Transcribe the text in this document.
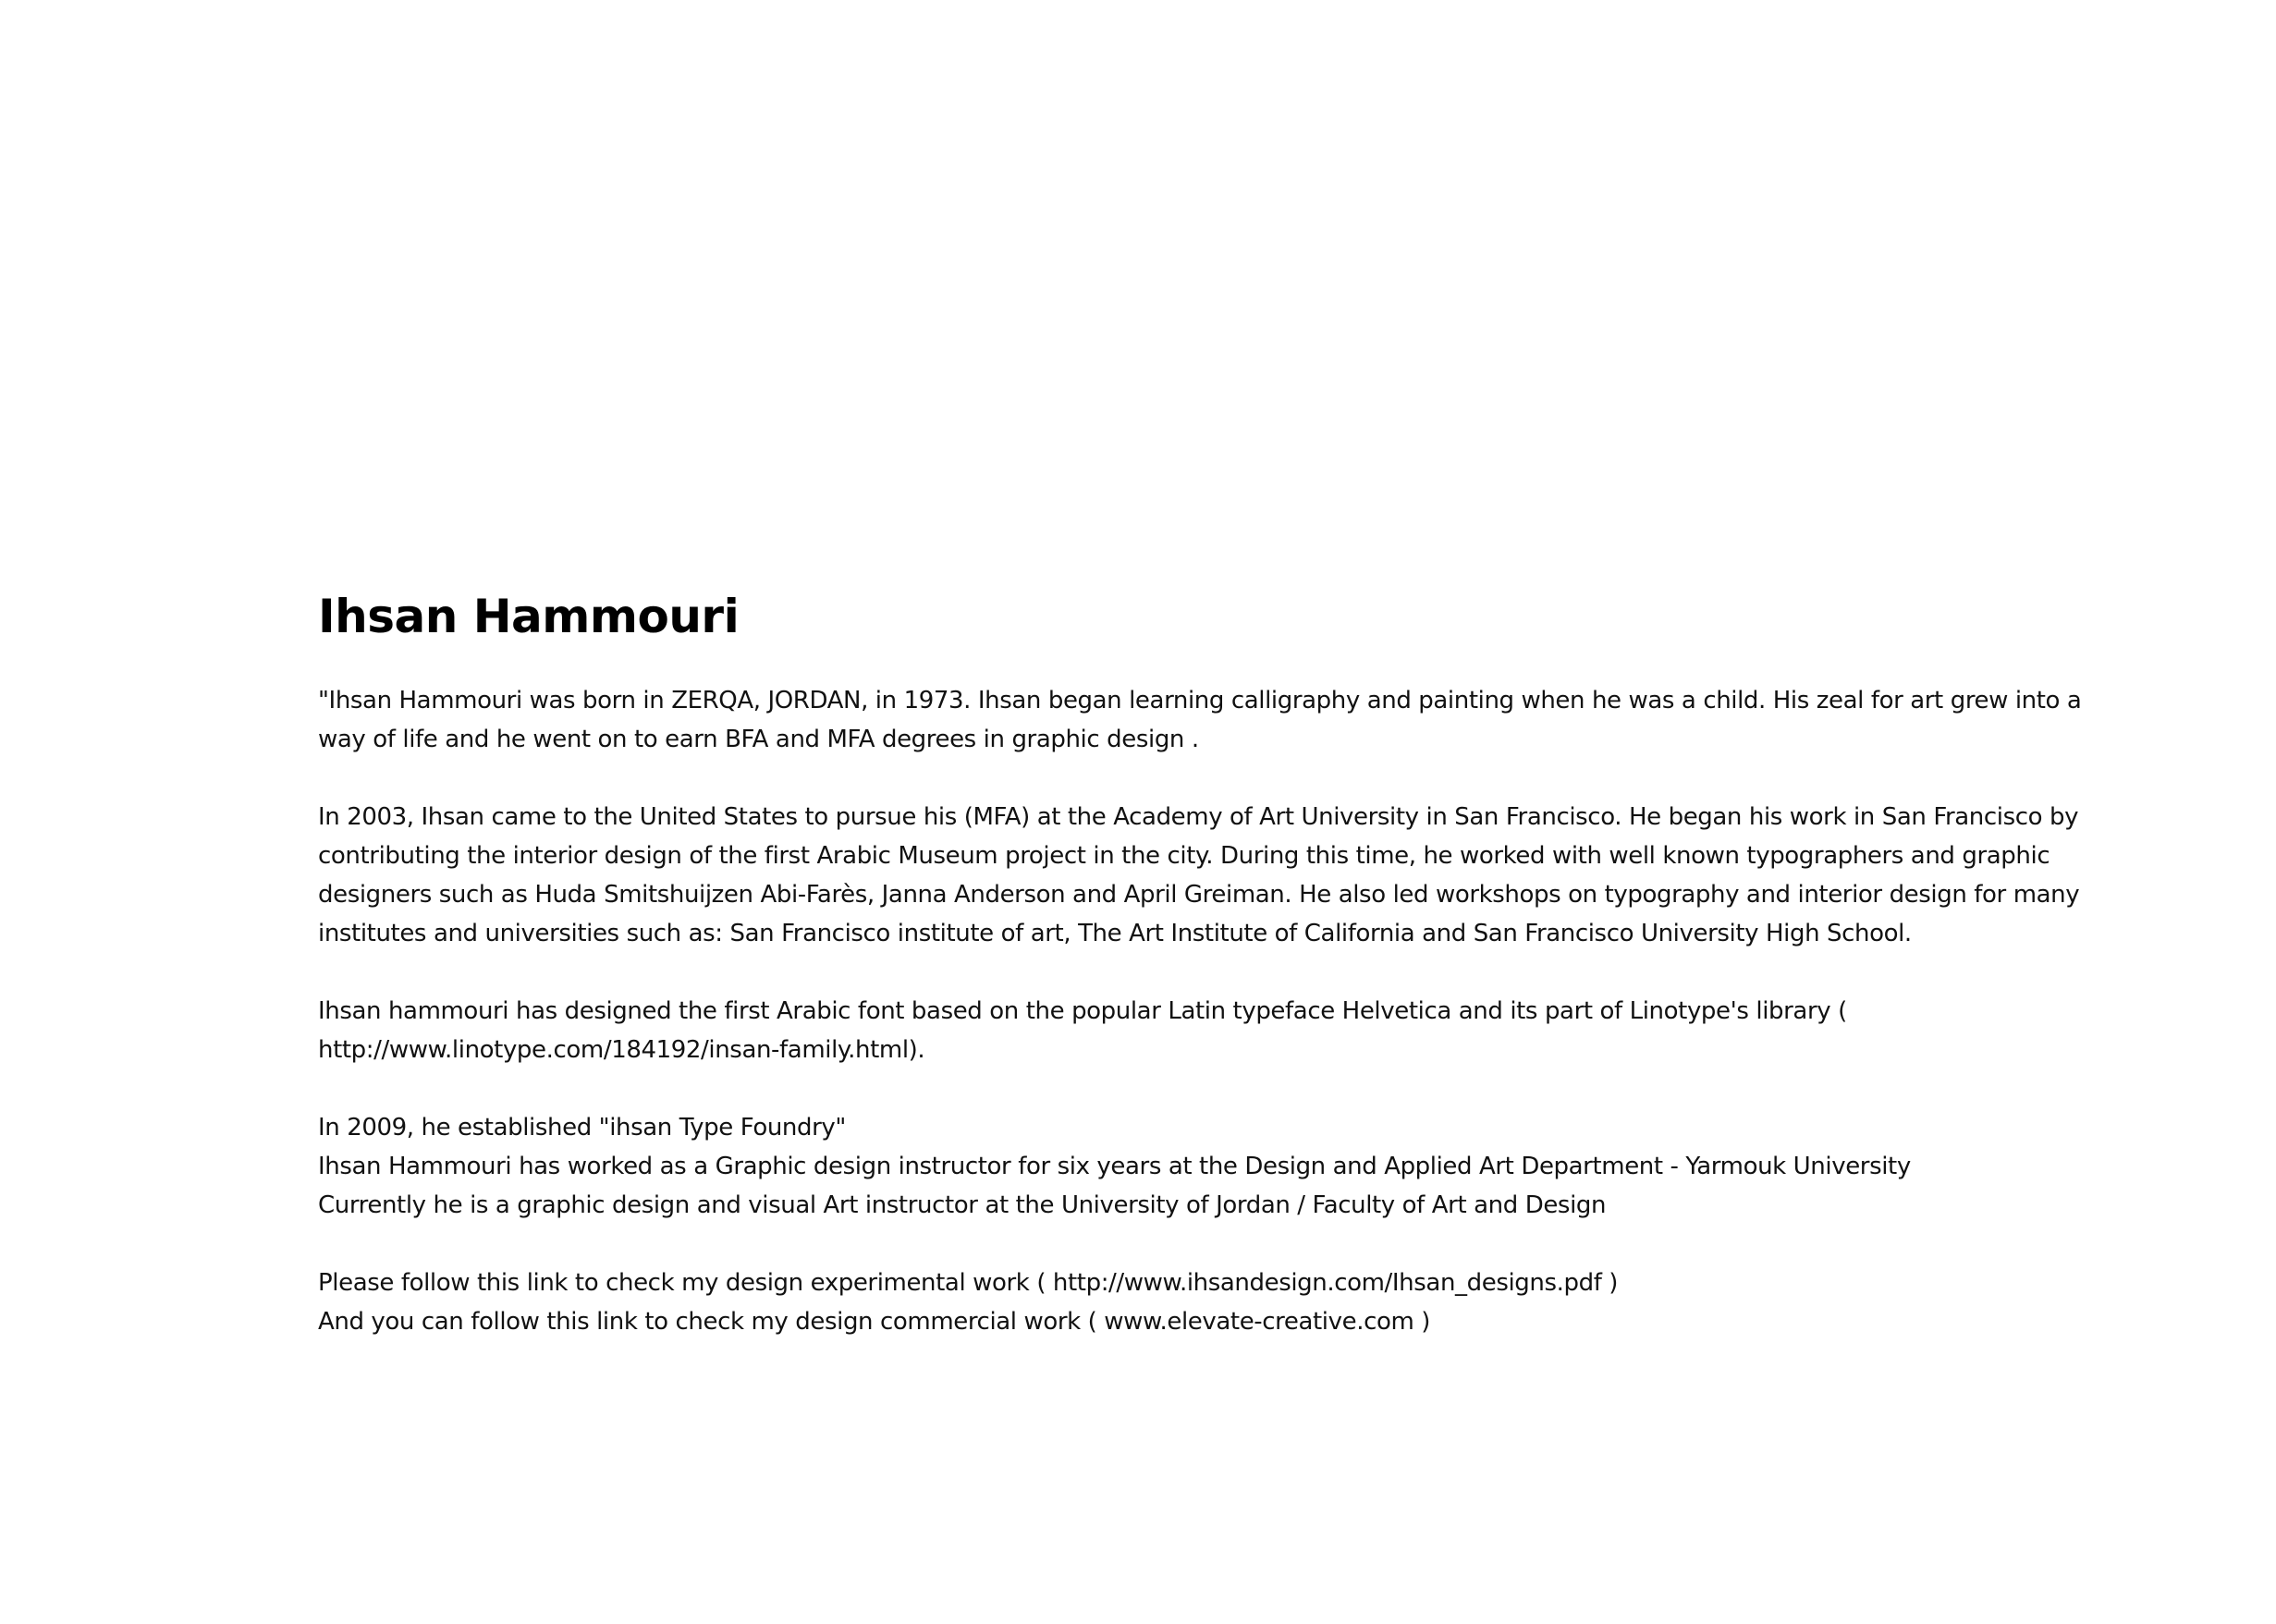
Ihsan Hammouri

"Ihsan Hammouri was born in ZERQA, JORDAN, in 1973. Ihsan began learning calligraphy and painting when he was a child. His zeal for art grew into a way of life and he went on to earn BFA and MFA degrees in graphic design .

In 2003, Ihsan came to the United States to pursue his (MFA) at the Academy of Art University in San Francisco. He began his work in San Francisco by contributing the interior design of the first Arabic Museum project in the city. During this time, he worked with well known typographers and graphic designers such as Huda Smitshuijzen Abi-Farès, Janna Anderson and April Greiman. He also led workshops on typography and interior design for many institutes and universities such as: San Francisco institute of art, The Art Institute of California and San Francisco University High School.

Ihsan hammouri has designed the first Arabic font based on the popular Latin typeface Helvetica and its part of Linotype's library ( http://www.linotype.com/184192/insan-family.html).

In 2009, he established "ihsan Type Foundry"
Ihsan Hammouri has worked as a Graphic design instructor for six years at the Design and Applied Art Department - Yarmouk University
Currently he is a graphic design and visual Art instructor at the University of Jordan / Faculty of Art and Design

Please follow this link to check my design experimental work ( http://www.ihsandesign.com/Ihsan_designs.pdf )
And you can follow this link to check my design commercial work ( www.elevate-creative.com )
